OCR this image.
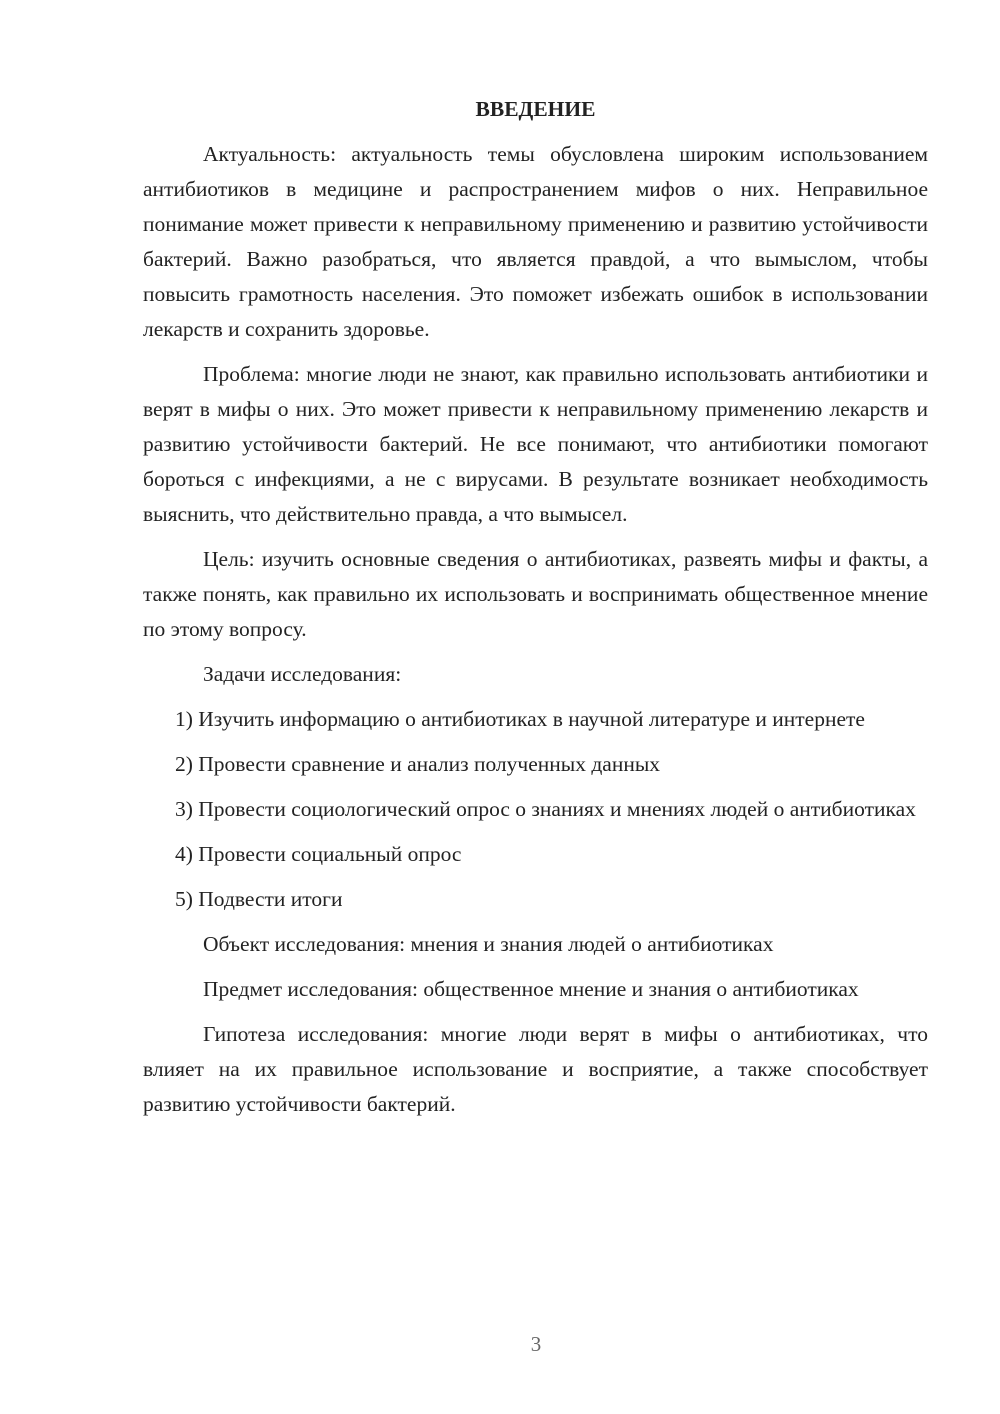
ВВЕДЕНИЕ

Актуальность: актуальность темы обусловлена широким использованием антибиотиков в медицине и распространением мифов о них. Неправильное понимание может привести к неправильному применению и развитию устойчивости бактерий. Важно разобраться, что является правдой, а что вымыслом, чтобы повысить грамотность населения. Это поможет избежать ошибок в использовании лекарств и сохранить здоровье.

Проблема: многие люди не знают, как правильно использовать антибиотики и верят в мифы о них. Это может привести к неправильному применению лекарств и развитию устойчивости бактерий. Не все понимают, что антибиотики помогают бороться с инфекциями, а не с вирусами. В результате возникает необходимость выяснить, что действительно правда, а что вымысел.

Цель: изучить основные сведения о антибиотиках, развеять мифы и факты, а также понять, как правильно их использовать и воспринимать общественное мнение по этому вопросу.

Задачи исследования:

1) Изучить информацию о антибиотиках в научной литературе и интернете

2) Провести сравнение и анализ полученных данных

3) Провести социологический опрос о знаниях и мнениях людей о антибиотиках

4) Провести социальный опрос

5) Подвести итоги

Объект исследования: мнения и знания людей о антибиотиках

Предмет исследования: общественное мнение и знания о антибиотиках

Гипотеза исследования: многие люди верят в мифы о антибиотиках, что влияет на их правильное использование и восприятие, а также способствует развитию устойчивости бактерий.

3
